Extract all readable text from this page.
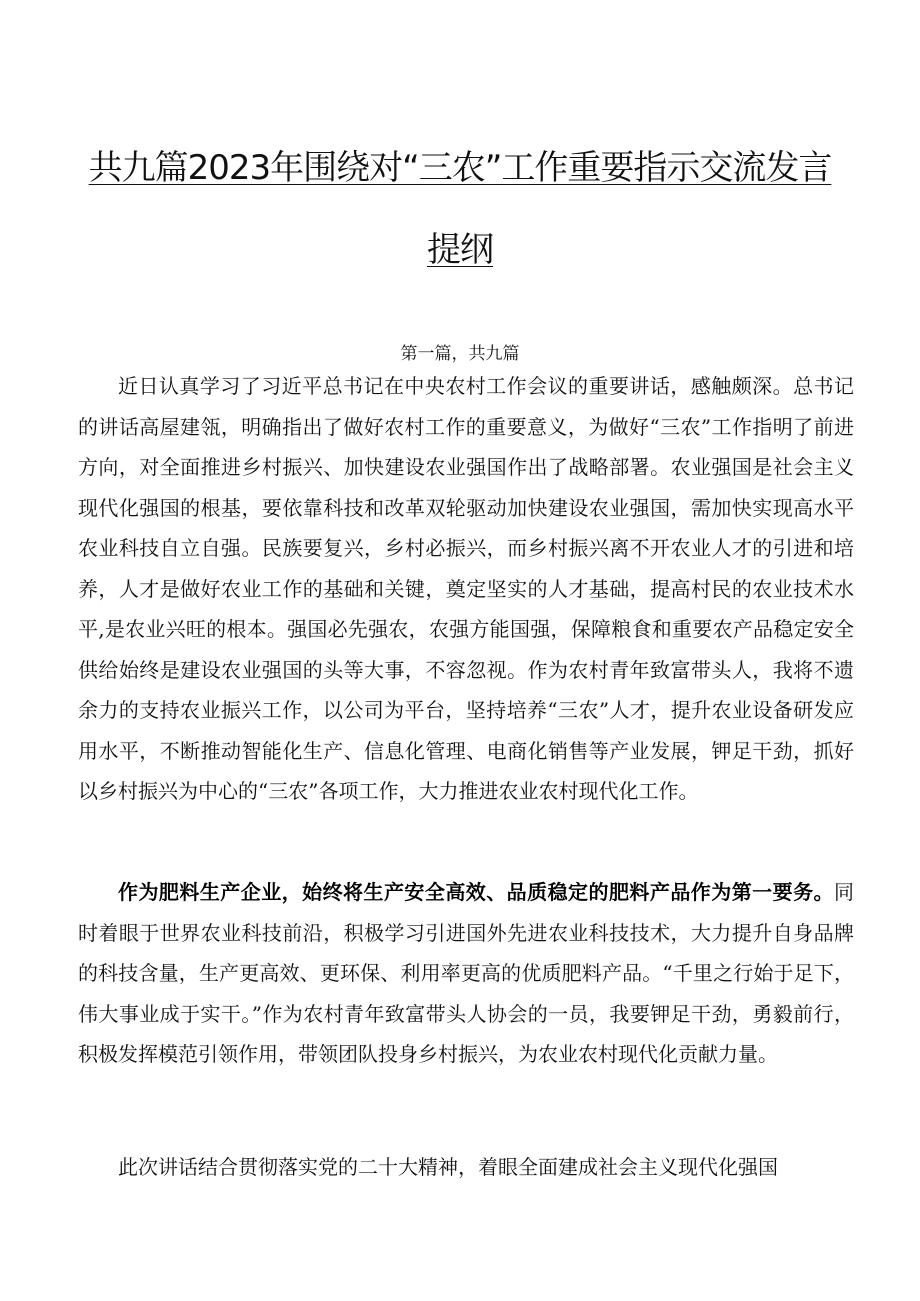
共九篇2023年围绕对“三农”工作重要指示交流发言
提纲
第一篇，共九篇

近日认真学习了习近平总书记在中央农村工作会议的重要讲话，感触颇深。总书记的讲话高屋建瓴，明确指出了做好农村工作的重要意义，为做好“三农”工作指明了前进方向，对全面推进乡村振兴、加快建设农业强国作出了战略部署。农业强国是社会主义现代化强国的根基，要依靠科技和改革双轮驱动加快建设农业强国，需加快实现高水平农业科技自立自强。民族要复兴，乡村必振兴，而乡村振兴离不开农业人才的引进和培养，人才是做好农业工作的基础和关键，奠定坚实的人才基础，提高村民的农业技术水平,是农业兴旺的根本。强国必先强农，农强方能国强，保障粮食和重要农产品稳定安全供给始终是建设农业强国的头等大事，不容忽视。作为农村青年致富带头人，我将不遗余力的支持农业振兴工作，以公司为平台，坚持培养“三农”人才，提升农业设备研发应用水平，不断推动智能化生产、信息化管理、电商化销售等产业发展，钾足干劲，抓好以乡村振兴为中心的“三农”各项工作，大力推进农业农村现代化工作。

作为肥料生产企业，始终将生产安全高效、品质稳定的肥料产品作为第一要务。同时着眼于世界农业科技前沿，积极学习引进国外先进农业科技技术，大力提升自身品牌的科技含量，生产更高效、更环保、利用率更高的优质肥料产品。“千里之行始于足下，伟大事业成于实干。”作为农村青年致富带头人协会的一员，我要钾足干劲，勇毅前行，积极发挥模范引领作用，带领团队投身乡村振兴，为农业农村现代化贡献力量。

此次讲话结合贯彻落实党的二十大精神，着眼全面建成社会主义现代化强国
